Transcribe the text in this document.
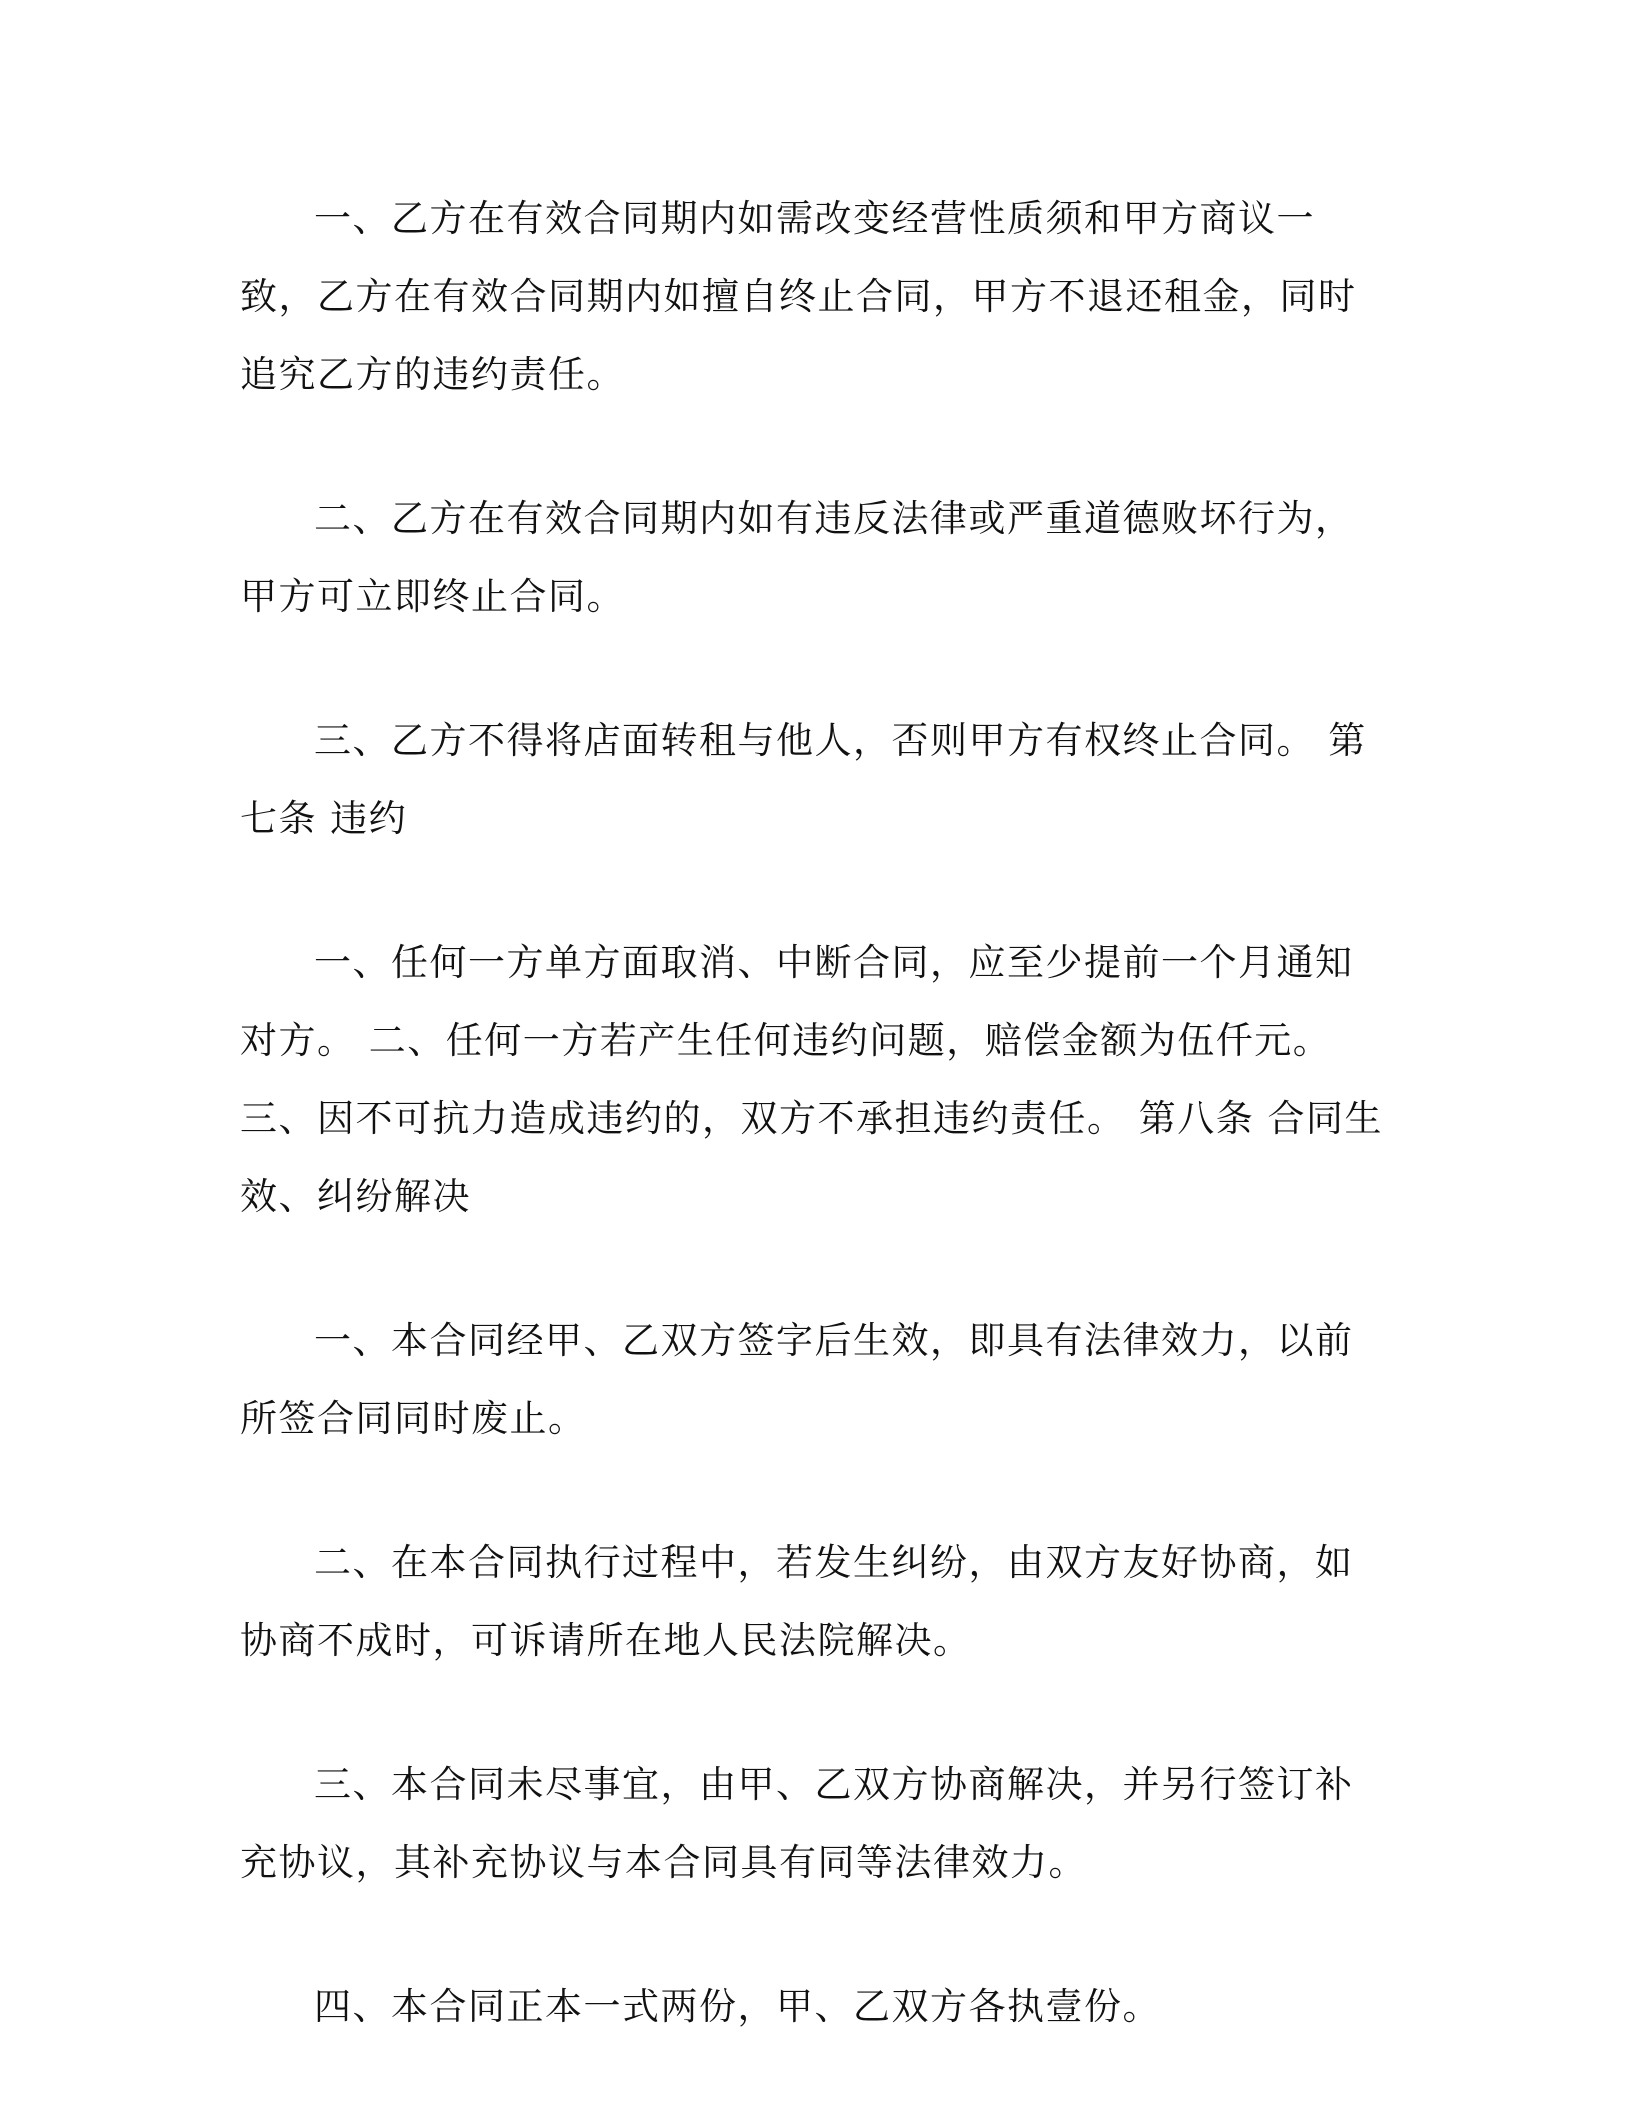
一、乙方在有效合同期内如需改变经营性质须和甲方商议一致，乙方在有效合同期内如擅自终止合同，甲方不退还租金，同时追究乙方的违约责任。

二、乙方在有效合同期内如有违反法律或严重道德败坏行为，甲方可立即终止合同。

三、乙方不得将店面转租与他人，否则甲方有权终止合同。 第七条 违约

一、任何一方单方面取消、中断合同，应至少提前一个月通知对方。 二、任何一方若产生任何违约问题，赔偿金额为伍仟元。 三、因不可抗力造成违约的，双方不承担违约责任。 第八条 合同生效、纠纷解决

一、本合同经甲、乙双方签字后生效，即具有法律效力，以前所签合同同时废止。

二、在本合同执行过程中，若发生纠纷，由双方友好协商，如协商不成时，可诉请所在地人民法院解决。

三、本合同未尽事宜，由甲、乙双方协商解决，并另行签订补充协议，其补充协议与本合同具有同等法律效力。

四、本合同正本一式两份，甲、乙双方各执壹份。
